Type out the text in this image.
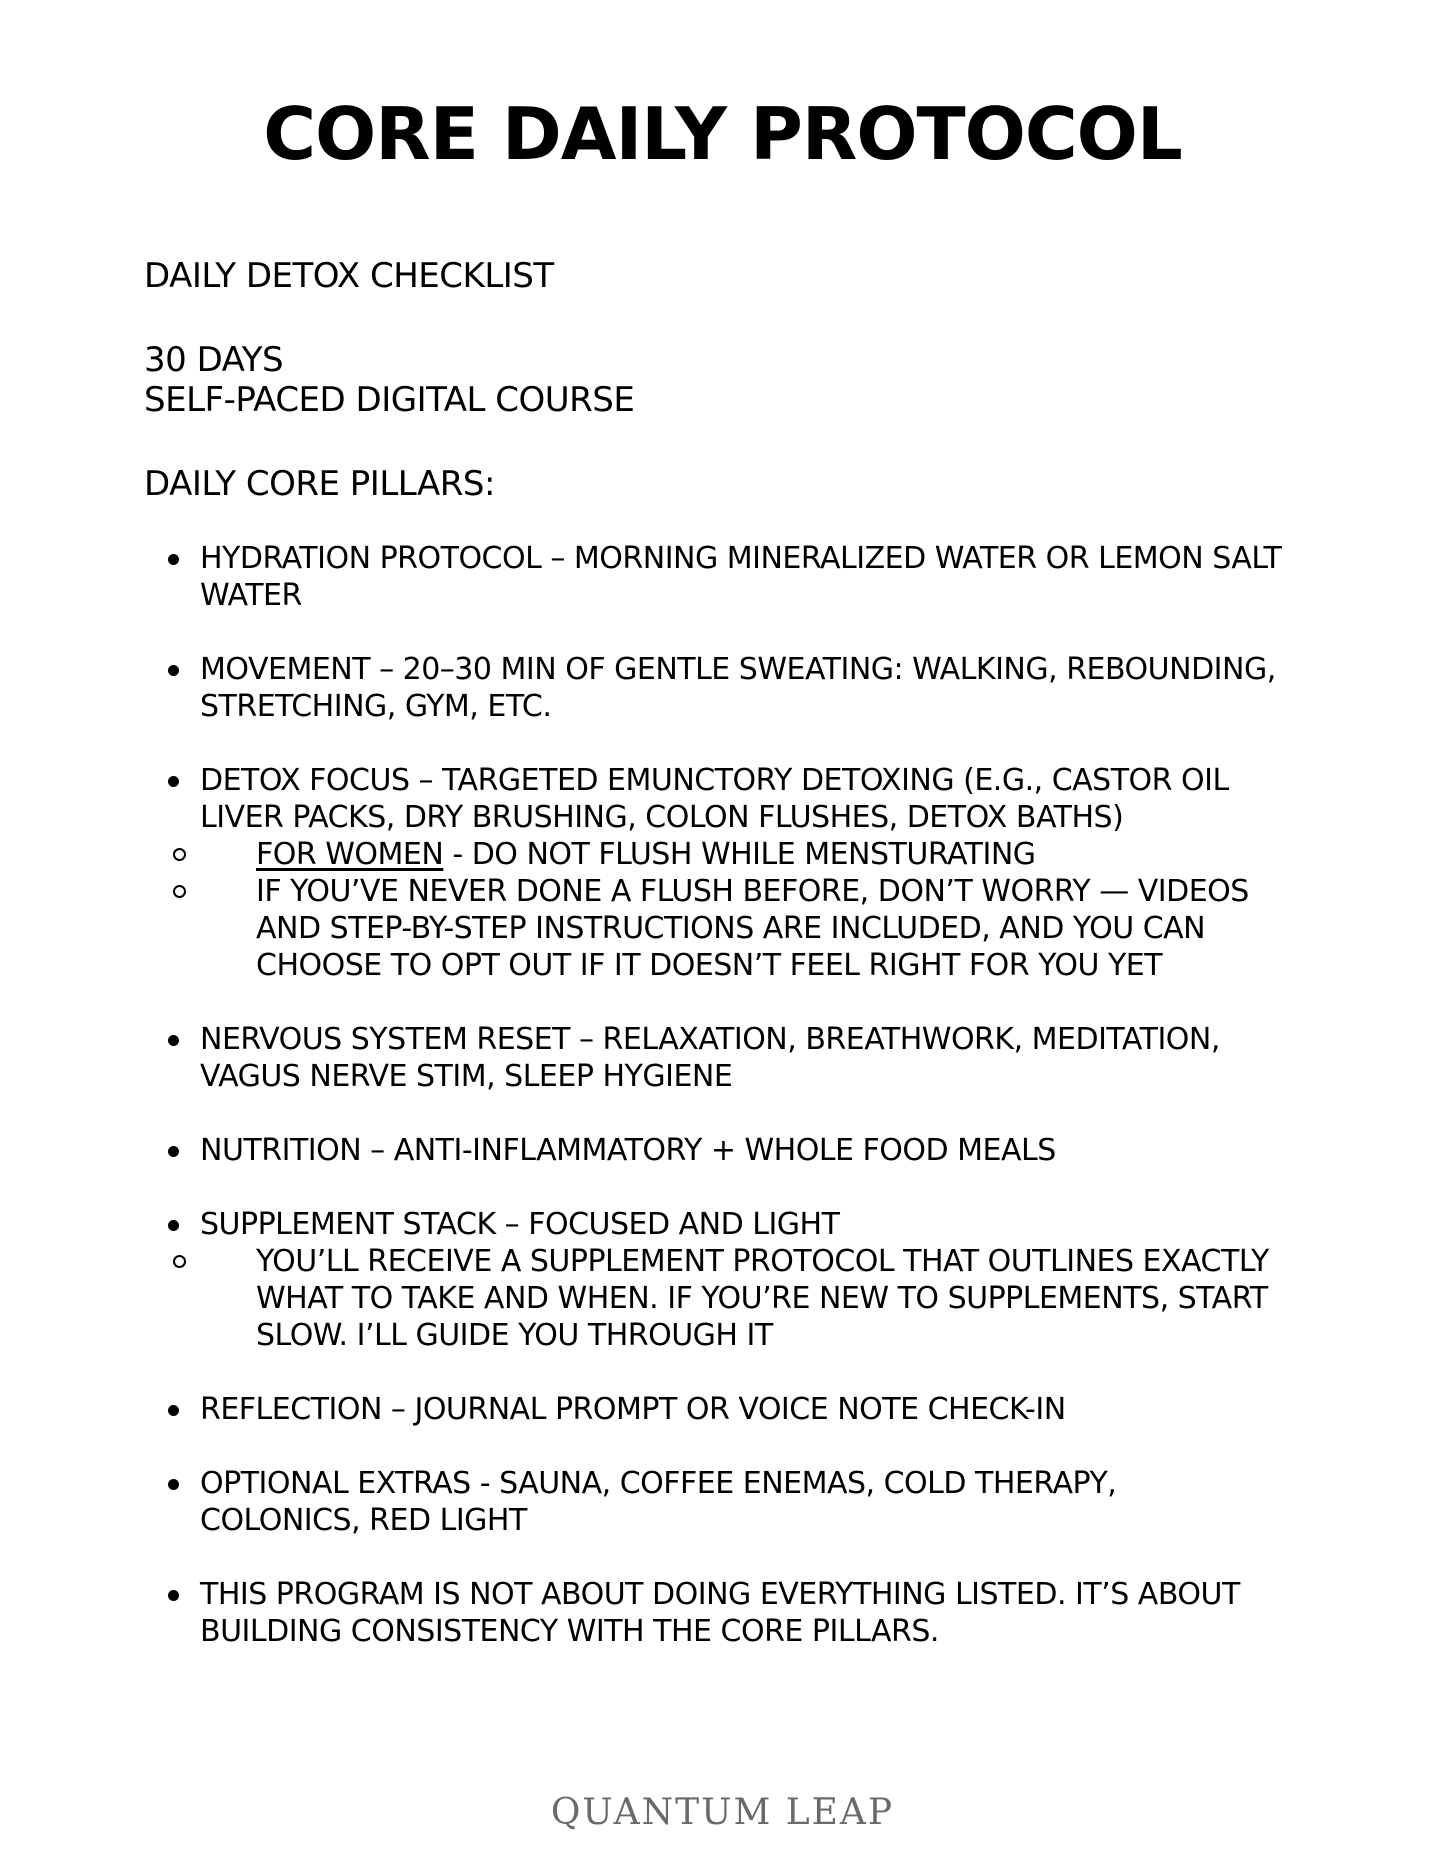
CORE DAILY PROTOCOL

DAILY DETOX CHECKLIST

30 DAYS

SELF-PACED DIGITAL COURSE

DAILY CORE PILLARS:

HYDRATION PROTOCOL – MORNING MINERALIZED WATER OR LEMON SALT WATER
MOVEMENT – 20–30 MIN OF GENTLE SWEATING: WALKING, REBOUNDING, STRETCHING, GYM, ETC.
DETOX FOCUS – TARGETED EMUNCTORY DETOXING (E.G., CASTOR OIL LIVER PACKS, DRY BRUSHING, COLON FLUSHES, DETOX BATHS)
FOR WOMEN - DO NOT FLUSH WHILE MENSTURATING
IF YOU’VE NEVER DONE A FLUSH BEFORE, DON’T WORRY — VIDEOS AND STEP-BY-STEP INSTRUCTIONS ARE INCLUDED, AND YOU CAN CHOOSE TO OPT OUT IF IT DOESN’T FEEL RIGHT FOR YOU YET
NERVOUS SYSTEM RESET – RELAXATION, BREATHWORK, MEDITATION, VAGUS NERVE STIM, SLEEP HYGIENE
NUTRITION – ANTI-INFLAMMATORY + WHOLE FOOD MEALS
SUPPLEMENT STACK – FOCUSED AND LIGHT
YOU’LL RECEIVE A SUPPLEMENT PROTOCOL THAT OUTLINES EXACTLY WHAT TO TAKE AND WHEN. IF YOU’RE NEW TO SUPPLEMENTS, START SLOW. I’LL GUIDE YOU THROUGH IT
REFLECTION – JOURNAL PROMPT OR VOICE NOTE CHECK-IN
OPTIONAL EXTRAS - SAUNA, COFFEE ENEMAS, COLD THERAPY, COLONICS, RED LIGHT
THIS PROGRAM IS NOT ABOUT DOING EVERYTHING LISTED. IT’S ABOUT BUILDING CONSISTENCY WITH THE CORE PILLARS.
QUANTUM LEAP
